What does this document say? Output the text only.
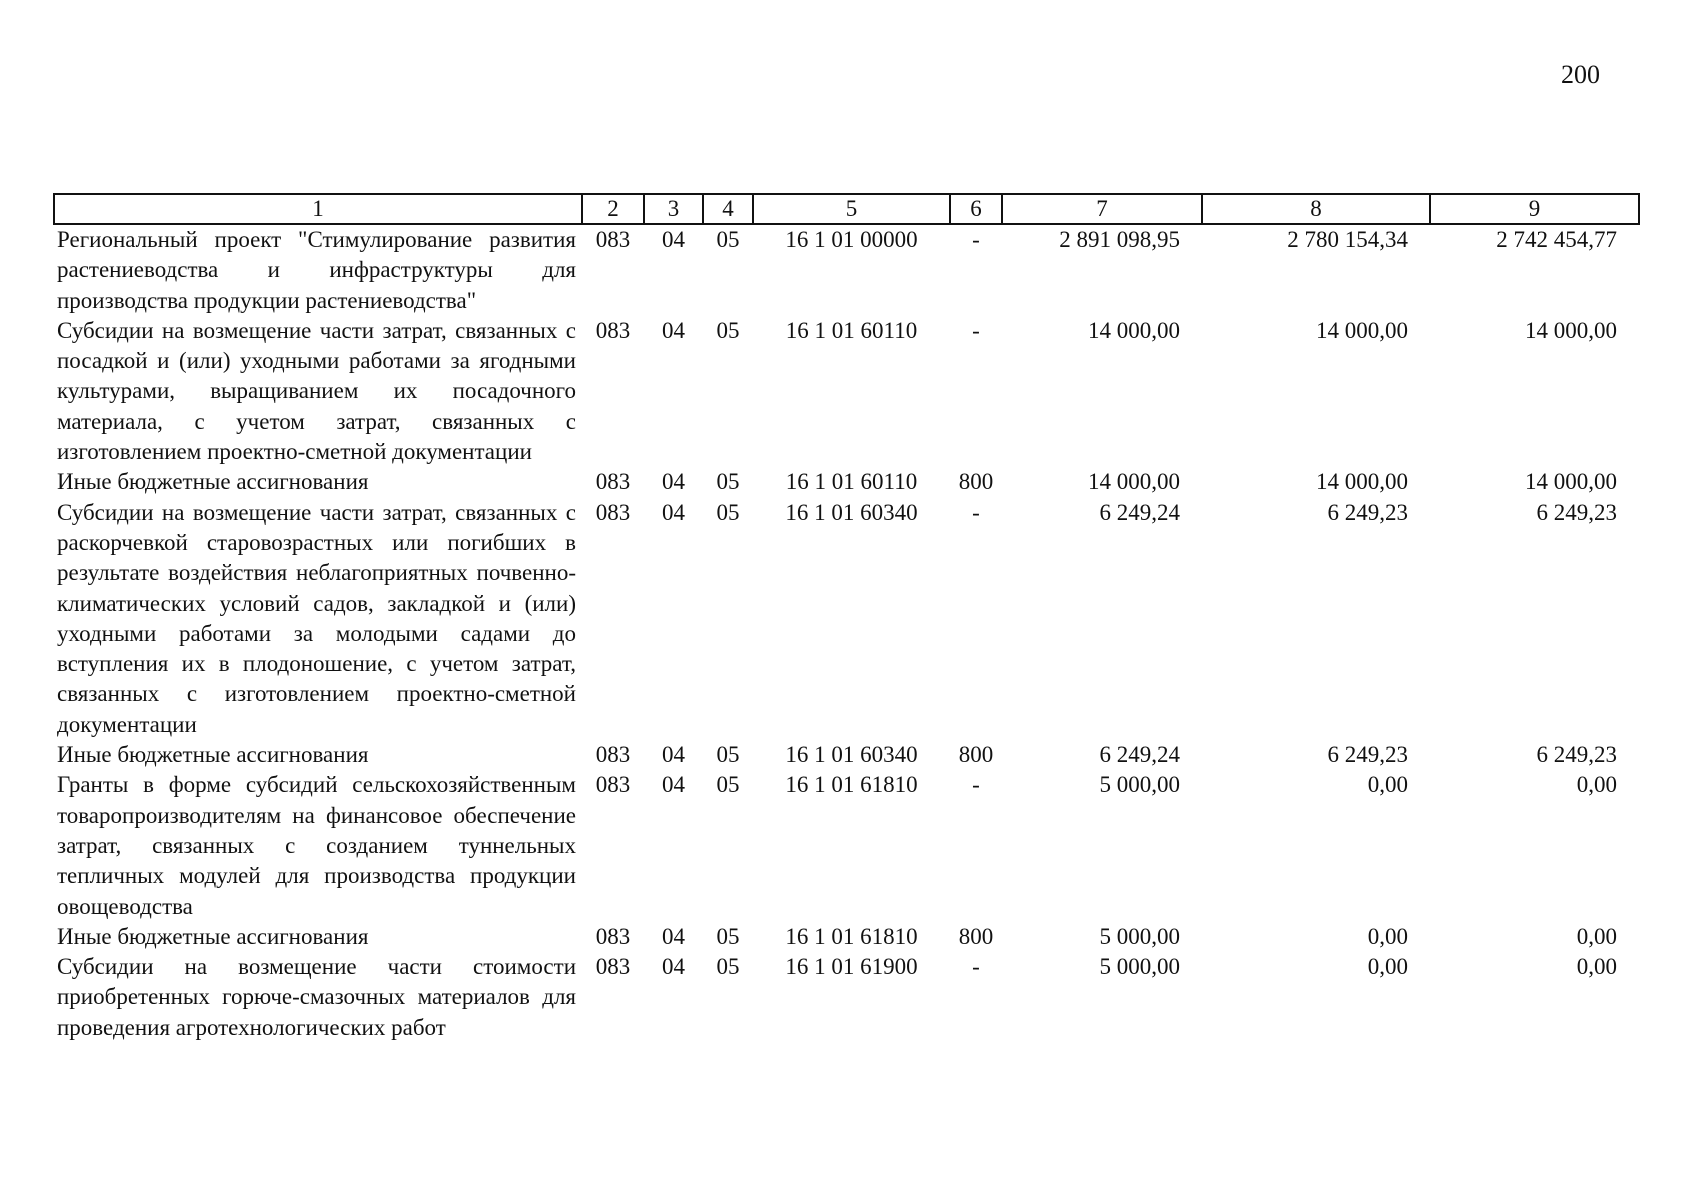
200
1	2	3	4	5	6	7	8	9
Региональный проект "Стимулирование развития растениеводства и инфраструктуры для производства продукции растениеводства"	083	04	05	16 1 01 00000	-	2 891 098,95	2 780 154,34	2 742 454,77
Субсидии на возмещение части затрат, связанных с посадкой и (или) уходными работами за ягодными культурами, выращиванием их посадочного материала, с учетом затрат, связанных с изготовлением проектно-сметной документации	083	04	05	16 1 01 60110	-	14 000,00	14 000,00	14 000,00
Иные бюджетные ассигнования	083	04	05	16 1 01 60110	800	14 000,00	14 000,00	14 000,00
Субсидии на возмещение части затрат, связанных с раскорчевкой старовозрастных или погибших в результате воздействия неблагоприятных почвенно-климатических условий садов, закладкой и (или) уходными работами за молодыми садами до вступления их в плодоношение, с учетом затрат, связанных с изготовлением проектно-сметной документации	083	04	05	16 1 01 60340	-	6 249,24	6 249,23	6 249,23
Иные бюджетные ассигнования	083	04	05	16 1 01 60340	800	6 249,24	6 249,23	6 249,23
Гранты в форме субсидий сельскохозяйственным товаропроизводителям на финансовое обеспечение затрат, связанных с созданием туннельных тепличных модулей для производства продукции овощеводства	083	04	05	16 1 01 61810	-	5 000,00	0,00	0,00
Иные бюджетные ассигнования	083	04	05	16 1 01 61810	800	5 000,00	0,00	0,00
Субсидии на возмещение части стоимости приобретенных горюче-смазочных материалов для проведения агротехнологических работ	083	04	05	16 1 01 61900	-	5 000,00	0,00	0,00
